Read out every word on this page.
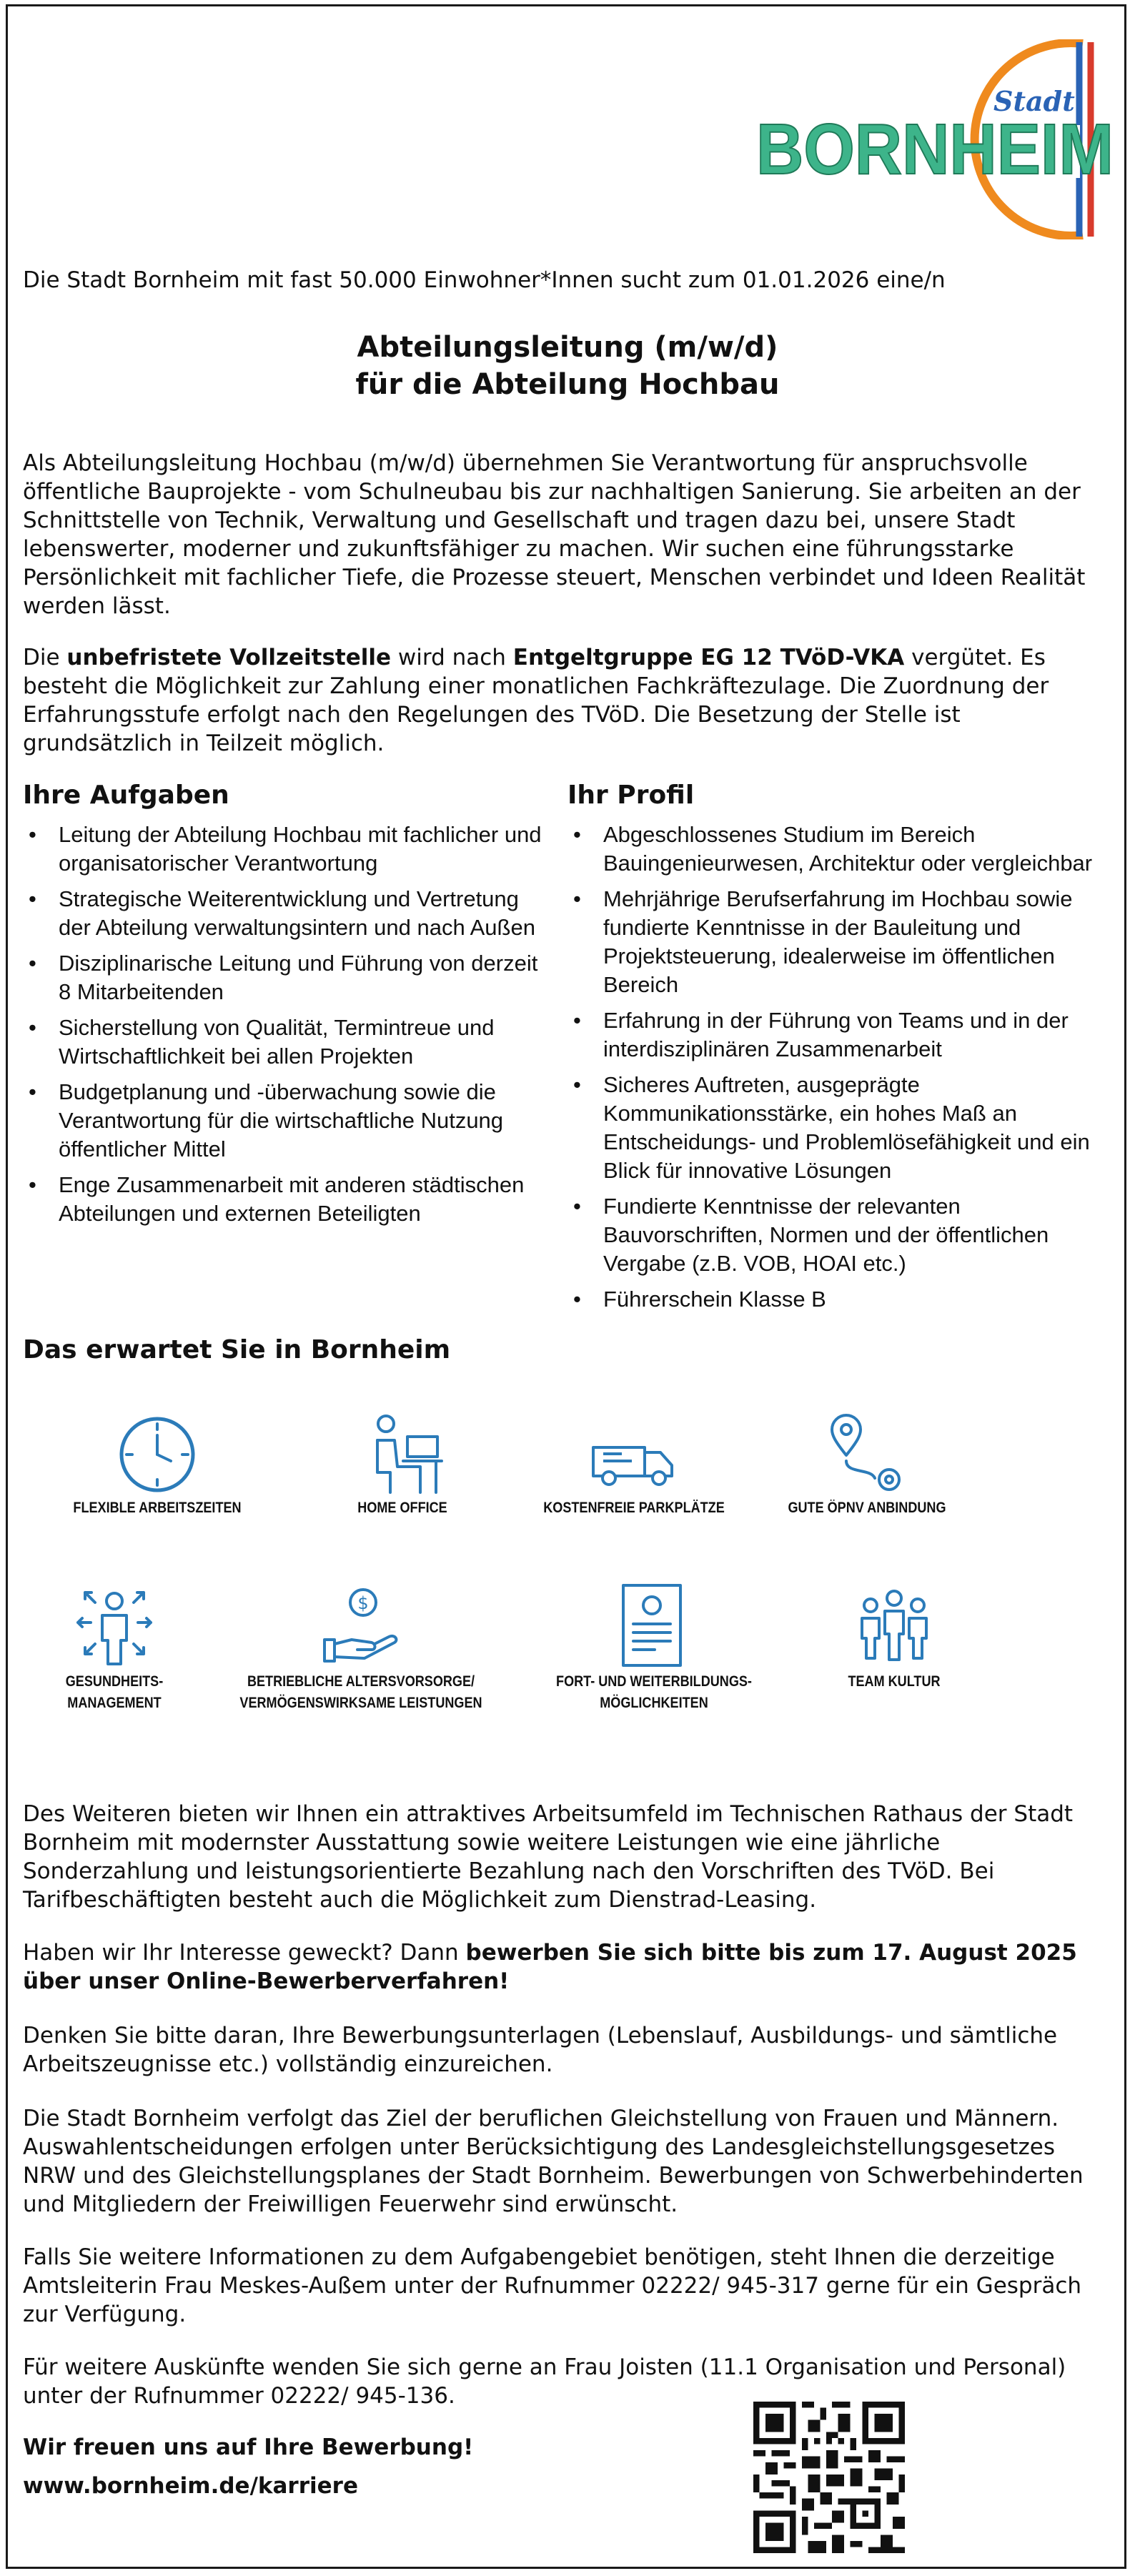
Stadt
BORNHEIM

Die Stadt Bornheim mit fast 50.000 Einwohner*Innen sucht zum 01.01.2026 eine/n

Abteilungsleitung (m/w/d)
für die Abteilung Hochbau

Als Abteilungsleitung Hochbau (m/w/d) übernehmen Sie Verantwortung für anspruchsvolle öffentliche Bauprojekte - vom Schulneubau bis zur nachhaltigen Sanierung. Sie arbeiten an der Schnittstelle von Technik, Verwaltung und Gesellschaft und tragen dazu bei, unsere Stadt lebenswerter, moderner und zukunftsfähiger zu machen. Wir suchen eine führungsstarke Persönlichkeit mit fachlicher Tiefe, die Prozesse steuert, Menschen verbindet und Ideen Realität werden lässt.

Die unbefristete Vollzeitstelle wird nach Entgeltgruppe EG 12 TVöD-VKA vergütet. Es besteht die Möglichkeit zur Zahlung einer monatlichen Fachkräftezulage. Die Zuordnung der Erfahrungsstufe erfolgt nach den Regelungen des TVöD. Die Besetzung der Stelle ist grundsätzlich in Teilzeit möglich.

Ihre Aufgaben
• Leitung der Abteilung Hochbau mit fachlicher und organisatorischer Verantwortung
• Strategische Weiterentwicklung und Vertretung der Abteilung verwaltungsintern und nach Außen
• Disziplinarische Leitung und Führung von derzeit 8 Mitarbeitenden
• Sicherstellung von Qualität, Termintreue und Wirtschaftlichkeit bei allen Projekten
• Budgetplanung und -überwachung sowie die Verantwortung für die wirtschaftliche Nutzung öffentlicher Mittel
• Enge Zusammenarbeit mit anderen städtischen Abteilungen und externen Beteiligten
Ihr Profil
• Abgeschlossenes Studium im Bereich Bauingenieurwesen, Architektur oder vergleichbar
• Mehrjährige Berufserfahrung im Hochbau sowie fundierte Kenntnisse in der Bauleitung und Projektsteuerung, idealerweise im öffentlichen Bereich
• Erfahrung in der Führung von Teams und in der interdisziplinären Zusammenarbeit
• Sicheres Auftreten, ausgeprägte Kommunikationsstärke, ein hohes Maß an Entscheidungs- und Problemlösefähigkeit und ein Blick für innovative Lösungen
• Fundierte Kenntnisse der relevanten Bauvorschriften, Normen und der öffentlichen Vergabe (z.B. VOB, HOAI etc.)
• Führerschein Klasse B
Das erwartet Sie in Bornheim
FLEXIBLE ARBEITSZEITEN	HOME OFFICE	KOSTENFREIE PARKPLÄTZE	GUTE ÖPNV ANBINDUNG
GESUNDHEITS-
MANAGEMENT
$
BETRIEBLICHE ALTERSVORSORGE/
VERMÖGENSWIRKSAME LEISTUNGEN
FORT- UND WEITERBILDUNGS-
MÖGLICHKEITEN
TEAM KULTUR

Des Weiteren bieten wir Ihnen ein attraktives Arbeitsumfeld im Technischen Rathaus der Stadt Bornheim mit modernster Ausstattung sowie weitere Leistungen wie eine jährliche Sonderzahlung und leistungsorientierte Bezahlung nach den Vorschriften des TVöD. Bei Tarifbeschäftigten besteht auch die Möglichkeit zum Dienstrad-Leasing.

Haben wir Ihr Interesse geweckt? Dann bewerben Sie sich bitte bis zum 17. August 2025 über unser Online-Bewerberverfahren!

Denken Sie bitte daran, Ihre Bewerbungsunterlagen (Lebenslauf, Ausbildungs- und sämtliche Arbeitszeugnisse etc.) vollständig einzureichen.

Die Stadt Bornheim verfolgt das Ziel der beruflichen Gleichstellung von Frauen und Männern. Auswahlentscheidungen erfolgen unter Berücksichtigung des Landesgleichstellungsgesetzes NRW und des Gleichstellungsplanes der Stadt Bornheim. Bewerbungen von Schwerbehinderten und Mitgliedern der Freiwilligen Feuerwehr sind erwünscht.

Falls Sie weitere Informationen zu dem Aufgabengebiet benötigen, steht Ihnen die derzeitige Amtsleiterin Frau Meskes-Außem unter der Rufnummer 02222/ 945-317 gerne für ein Gespräch zur Verfügung.

Für weitere Auskünfte wenden Sie sich gerne an Frau Joisten (11.1 Organisation und Personal) unter der Rufnummer 02222/ 945-136.

Wir freuen uns auf Ihre Bewerbung!

www.bornheim.de/karriere
